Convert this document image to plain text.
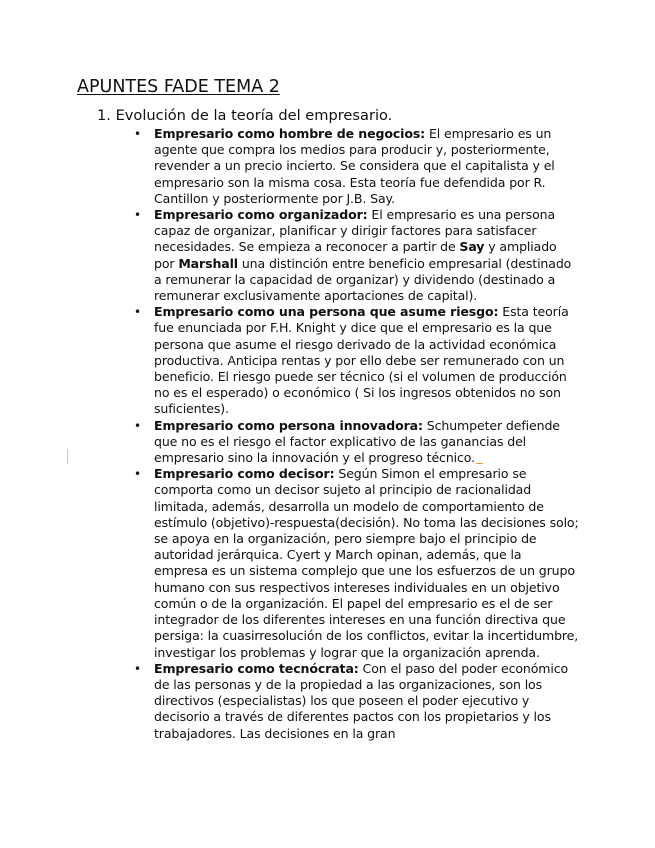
APUNTES FADE TEMA 2
1. Evolución de la teoría del empresario.
• Empresario como hombre de negocios: El empresario es un agente que compra los medios para producir y, posteriormente, revender a un precio incierto. Se considera que el capitalista y el empresario son la misma cosa. Esta teoría fue defendida por R. Cantillon y posteriormente por J.B. Say.

• Empresario como organizador: El empresario es una persona capaz de organizar, planificar y dirigir factores para satisfacer necesidades. Se empieza a reconocer a partir de Say y ampliado por Marshall una distinción entre beneficio empresarial (destinado a remunerar la capacidad de organizar) y dividendo (destinado a remunerar exclusivamente aportaciones de capital).

• Empresario como una persona que asume riesgo: Esta teoría fue enunciada por F.H. Knight y dice que el empresario es la que persona que asume el riesgo derivado de la actividad económica productiva. Anticipa rentas y por ello debe ser remunerado con un beneficio. El riesgo puede ser técnico (si el volumen de producción no es el esperado) o económico ( Si los ingresos obtenidos no son suficientes).

• Empresario como persona innovadora: Schumpeter defiende que no es el riesgo el factor explicativo de las ganancias del empresario sino la innovación y el progreso técnico.

• Empresario como decisor: Según Simon el empresario se comporta como un decisor sujeto al principio de racionalidad limitada, además, desarrolla un modelo de comportamiento de estímulo (objetivo)-respuesta(decisión). No toma las decisiones solo; se apoya en la organización, pero siempre bajo el principio de autoridad jerárquica. Cyert y March opinan, además, que la empresa es un sistema complejo que une los esfuerzos de un grupo humano con sus respectivos intereses individuales en un objetivo común o de la organización. El papel del empresario es el de ser integrador de los diferentes intereses en una función directiva que persiga: la cuasirresolución de los conflictos, evitar la incertidumbre, investigar los problemas y lograr que la organización aprenda.

• Empresario como tecnócrata: Con el paso del poder económico de las personas y de la propiedad a las organizaciones, son los directivos (especialistas) los que poseen el poder ejecutivo y decisorio a través de diferentes pactos con los propietarios y los trabajadores. Las decisiones en la gran
